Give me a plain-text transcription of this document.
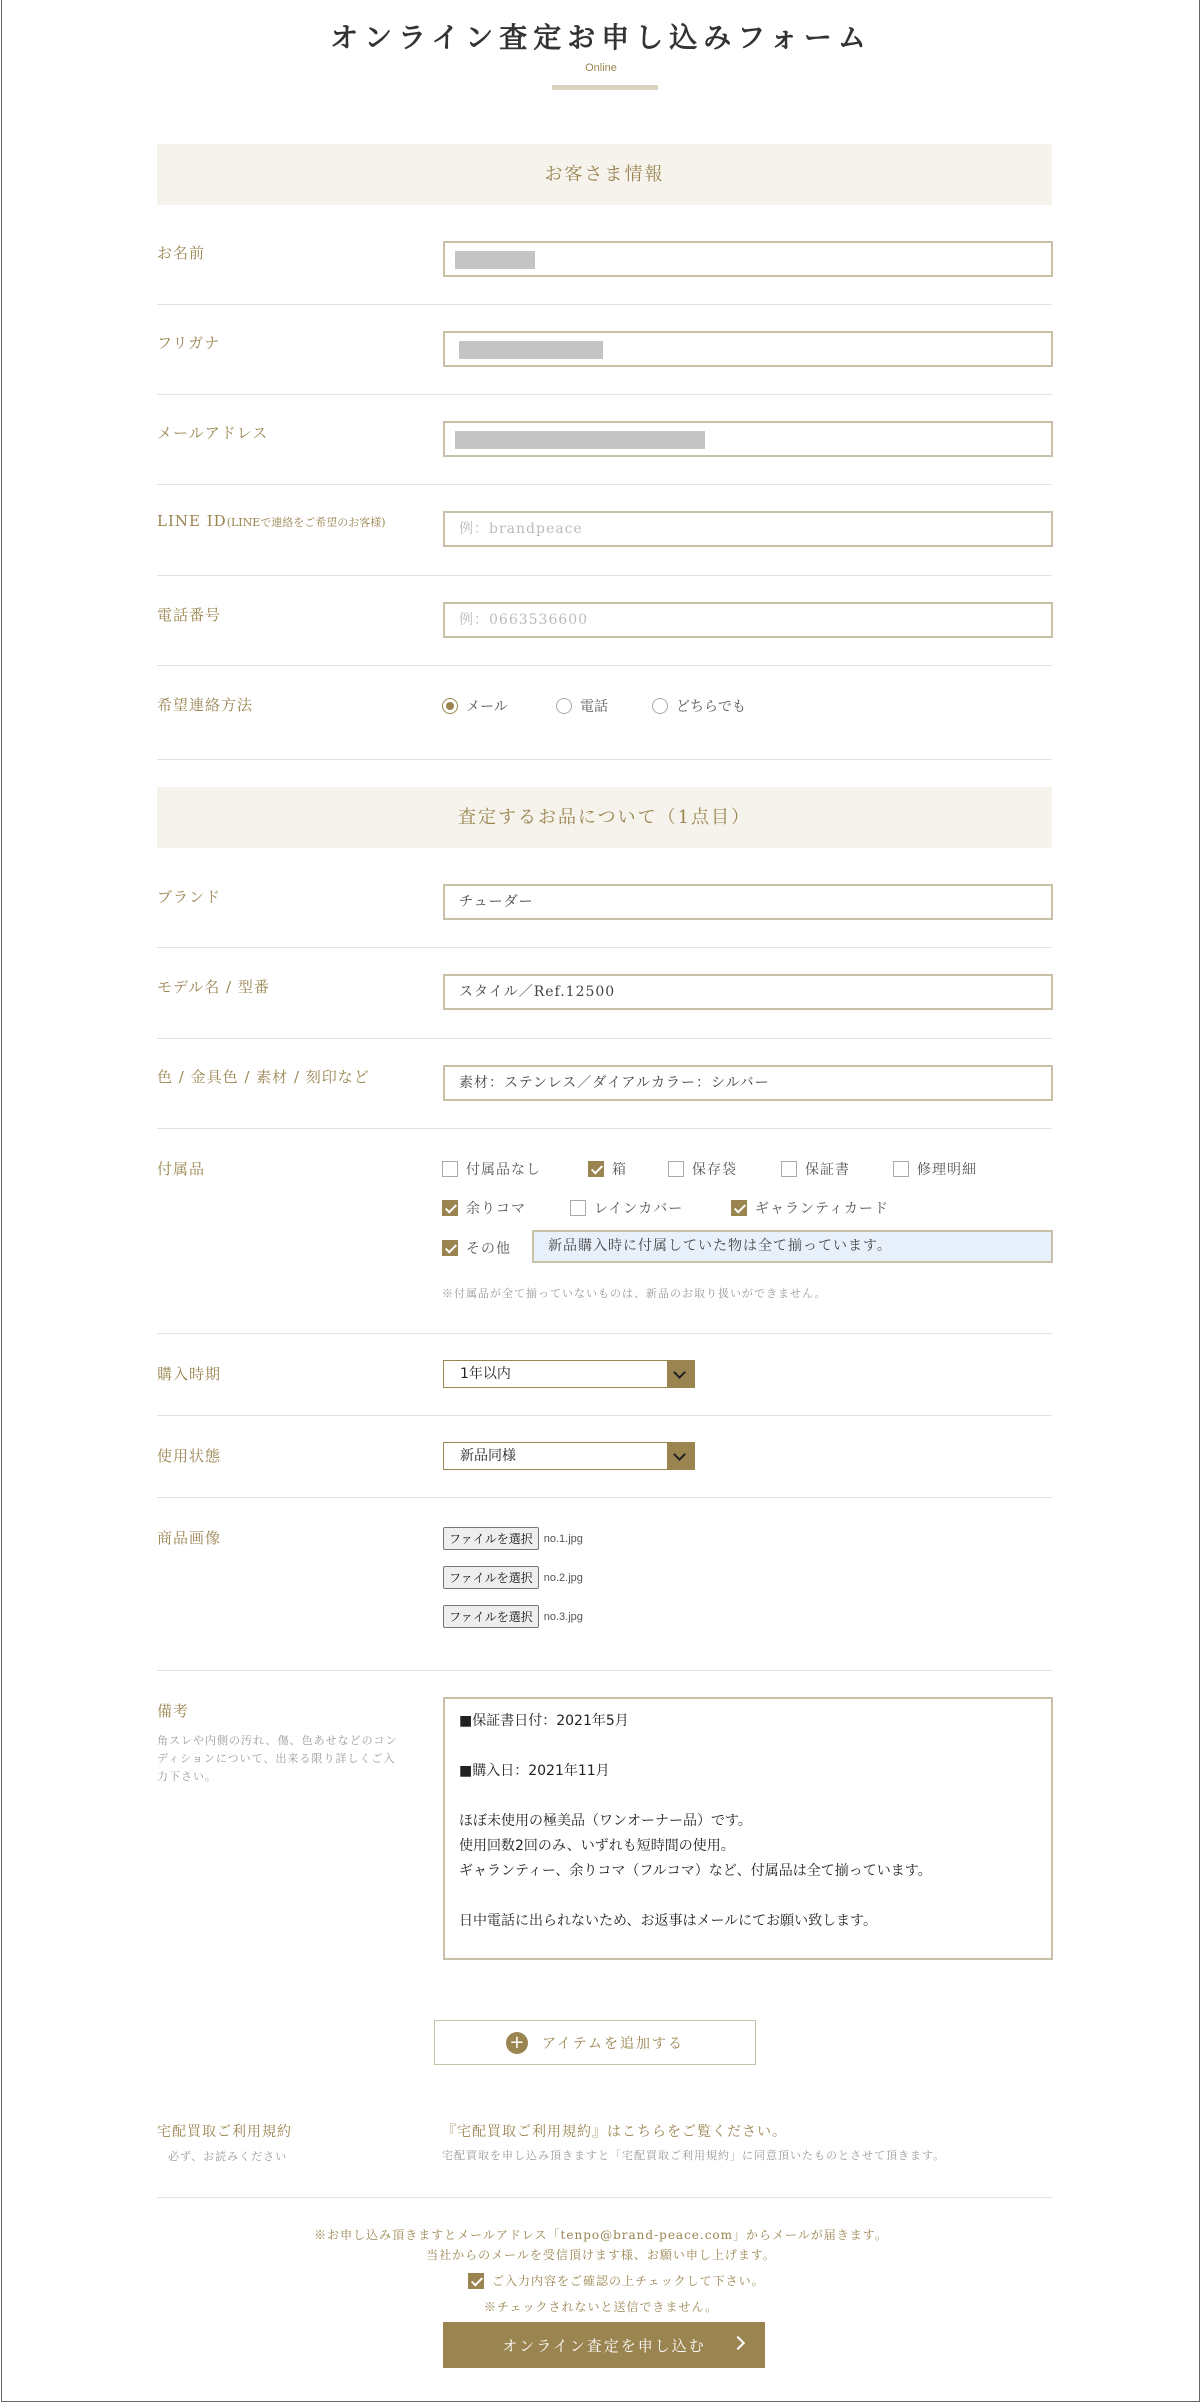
オンライン査定お申し込みフォーム
Online
お客さま情報
お名前
フリガナ
メールアドレス
LINE ID(LINEで連絡をご希望のお客様)	例：brandpeace
電話番号	例：0663536600
希望連絡方法	メール	電話	どちらでも
査定するお品について（1点目）
ブランド	チューダー
モデル名 / 型番	スタイル／Ref.12500
色 / 金具色 / 素材 / 刻印など	素材：ステンレス／ダイアルカラー：シルバー
付属品	付属品なし	箱	保存袋	保証書	修理明細
余りコマ	レインカバー	ギャランティカード
その他	新品購入時に付属していた物は全て揃っています。
※付属品が全て揃っていないものは、新品のお取り扱いができません。
購入時期	1年以内
使用状態	新品同様
商品画像	ファイルを選択	no.1.jpg
ファイルを選択	no.2.jpg
ファイルを選択	no.3.jpg
備考
角スレや内側の汚れ、傷、色あせなどのコンディションについて、出来る限り詳しくご入力下さい。
■保証書日付：2021年5月

■購入日：2021年11月

ほぼ未使用の極美品（ワンオーナー品）です。
使用回数2回のみ、いずれも短時間の使用。
ギャランティー、余りコマ（フルコマ）など、付属品は全て揃っています。

日中電話に出られないため、お返事はメールにてお願い致します。
+ アイテムを追加する
宅配買取ご利用規約
必ず、お読みください
『宅配買取ご利用規約』はこちらをご覧ください。
宅配買取を申し込み頂きますと「宅配買取ご利用規約」に同意頂いたものとさせて頂きます。
※お申し込み頂きますとメールアドレス「tenpo@brand-peace.com」からメールが届きます。
当社からのメールを受信頂けます様、お願い申し上げます。
ご入力内容をご確認の上チェックして下さい。
※チェックされないと送信できません。
オンライン査定を申し込む
